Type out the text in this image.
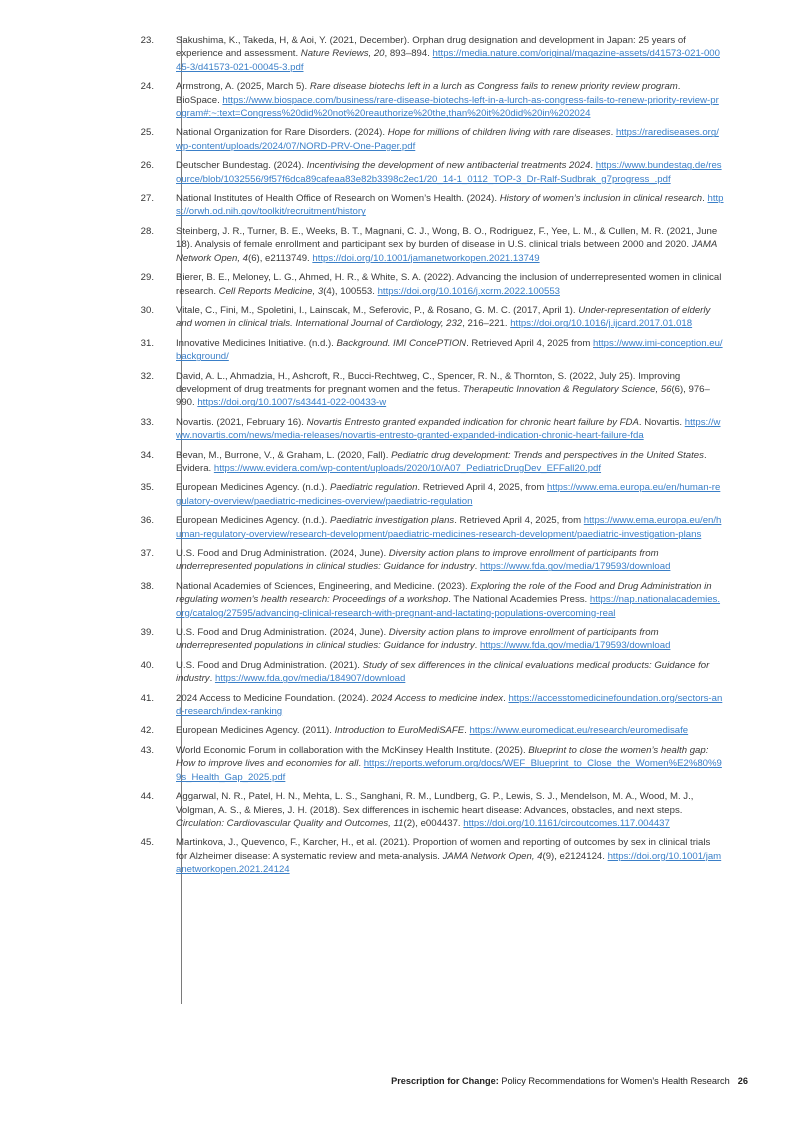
23.	Sakushima, K., Takeda, H, & Aoi, Y. (2021, December). Orphan drug designation and development in Japan: 25 years of experience and assessment. Nature Reviews, 20, 893–894. https://media.nature.com/original/magazine-assets/d41573-021-00045-3/d41573-021-00045-3.pdf
24.	Armstrong, A. (2025, March 5). Rare disease biotechs left in a lurch as Congress fails to renew priority review program. BioSpace. https://www.biospace.com/business/rare-disease-biotechs-left-in-a-lurch-as-congress-fails-to-renew-priority-review-program#:~:text=Congress%20did%20not%20reauthorize%20the,than%20it%20did%20in%202024
25.	National Organization for Rare Disorders. (2024). Hope for millions of children living with rare diseases. https://rarediseases.org/wp-content/uploads/2024/07/NORD-PRV-One-Pager.pdf
26.	Deutscher Bundestag. (2024). Incentivising the development of new antibacterial treatments 2024. https://www.bundestag.de/resource/blob/1032556/9f57f6dca89cafeaa83e82b3398c2ec1/20_14-1_0112_TOP-3_Dr-Ralf-Sudbrak_g7progress_.pdf
27.	National Institutes of Health Office of Research on Women’s Health. (2024). History of women’s inclusion in clinical research. https://orwh.od.nih.gov/toolkit/recruitment/history
28.	Steinberg, J. R., Turner, B. E., Weeks, B. T., Magnani, C. J., Wong, B. O., Rodriguez, F., Yee, L. M., & Cullen, M. R. (2021, June 18). Analysis of female enrollment and participant sex by burden of disease in U.S. clinical trials between 2000 and 2020. JAMA Network Open, 4(6), e2113749. https://doi.org/10.1001/jamanetworkopen.2021.13749
29.	Bierer, B. E., Meloney, L. G., Ahmed, H. R., & White, S. A. (2022). Advancing the inclusion of underrepresented women in clinical research. Cell Reports Medicine, 3(4), 100553. https://doi.org/10.1016/j.xcrm.2022.100553
30.	Vitale, C., Fini, M., Spoletini, I., Lainscak, M., Seferovic, P., & Rosano, G. M. C. (2017, April 1). Under-representation of elderly and women in clinical trials. International Journal of Cardiology, 232, 216–221. https://doi.org/10.1016/j.ijcard.2017.01.018
31.	Innovative Medicines Initiative. (n.d.). Background. IMI ConcePTION. Retrieved April 4, 2025 from https://www.imi-conception.eu/background/
32.	David, A. L., Ahmadzia, H., Ashcroft, R., Bucci-Rechtweg, C., Spencer, R. N., & Thornton, S. (2022, July 25). Improving development of drug treatments for pregnant women and the fetus. Therapeutic Innovation & Regulatory Science, 56(6), 976–990. https://doi.org/10.1007/s43441-022-00433-w
33.	Novartis. (2021, February 16). Novartis Entresto granted expanded indication for chronic heart failure by FDA. Novartis. https://www.novartis.com/news/media-releases/novartis-entresto-granted-expanded-indication-chronic-heart-failure-fda
34.	Bevan, M., Burrone, V., & Graham, L. (2020, Fall). Pediatric drug development: Trends and perspectives in the United States. Evidera. https://www.evidera.com/wp-content/uploads/2020/10/A07_PediatricDrugDev_EFFall20.pdf
35.	European Medicines Agency. (n.d.). Paediatric regulation. Retrieved April 4, 2025, from https://www.ema.europa.eu/en/human-regulatory-overview/paediatric-medicines-overview/paediatric-regulation
36.	European Medicines Agency. (n.d.). Paediatric investigation plans. Retrieved April 4, 2025, from https://www.ema.europa.eu/en/human-regulatory-overview/research-development/paediatric-medicines-research-development/paediatric-investigation-plans
37.	U.S. Food and Drug Administration. (2024, June). Diversity action plans to improve enrollment of participants from underrepresented populations in clinical studies: Guidance for industry. https://www.fda.gov/media/179593/download
38.	National Academies of Sciences, Engineering, and Medicine. (2023). Exploring the role of the Food and Drug Administration in regulating women's health research: Proceedings of a workshop. The National Academies Press. https://nap.nationalacademies.org/catalog/27595/advancing-clinical-research-with-pregnant-and-lactating-populations-overcoming-real
39.	U.S. Food and Drug Administration. (2024, June). Diversity action plans to improve enrollment of participants from underrepresented populations in clinical studies: Guidance for industry. https://www.fda.gov/media/179593/download
40.	U.S. Food and Drug Administration. (2021). Study of sex differences in the clinical evaluations medical products: Guidance for industry. https://www.fda.gov/media/184907/download
41.	2024 Access to Medicine Foundation. (2024). 2024 Access to medicine index. https://accesstomedicinefoundation.org/sectors-and-research/index-ranking
42.	European Medicines Agency. (2011). Introduction to EuroMediSAFE. https://www.euromedicat.eu/research/euromedisafe
43.	World Economic Forum in collaboration with the McKinsey Health Institute. (2025). Blueprint to close the women’s health gap: How to improve lives and economies for all. https://reports.weforum.org/docs/WEF_Blueprint_to_Close_the_Women%E2%80%99s_Health_Gap_2025.pdf
44.	Aggarwal, N. R., Patel, H. N., Mehta, L. S., Sanghani, R. M., Lundberg, G. P., Lewis, S. J., Mendelson, M. A., Wood, M. J., Volgman, A. S., & Mieres, J. H. (2018). Sex differences in ischemic heart disease: Advances, obstacles, and next steps. Circulation: Cardiovascular Quality and Outcomes, 11(2), e004437. https://doi.org/10.1161/circoutcomes.117.004437
45.	Martinkova, J., Quevenco, F., Karcher, H., et al. (2021). Proportion of women and reporting of outcomes by sex in clinical trials for Alzheimer disease: A systematic review and meta-analysis. JAMA Network Open, 4(9), e2124124. https://doi.org/10.1001/jamanetworkopen.2021.24124
Prescription for Change: Policy Recommendations for Women’s Health Research 26
